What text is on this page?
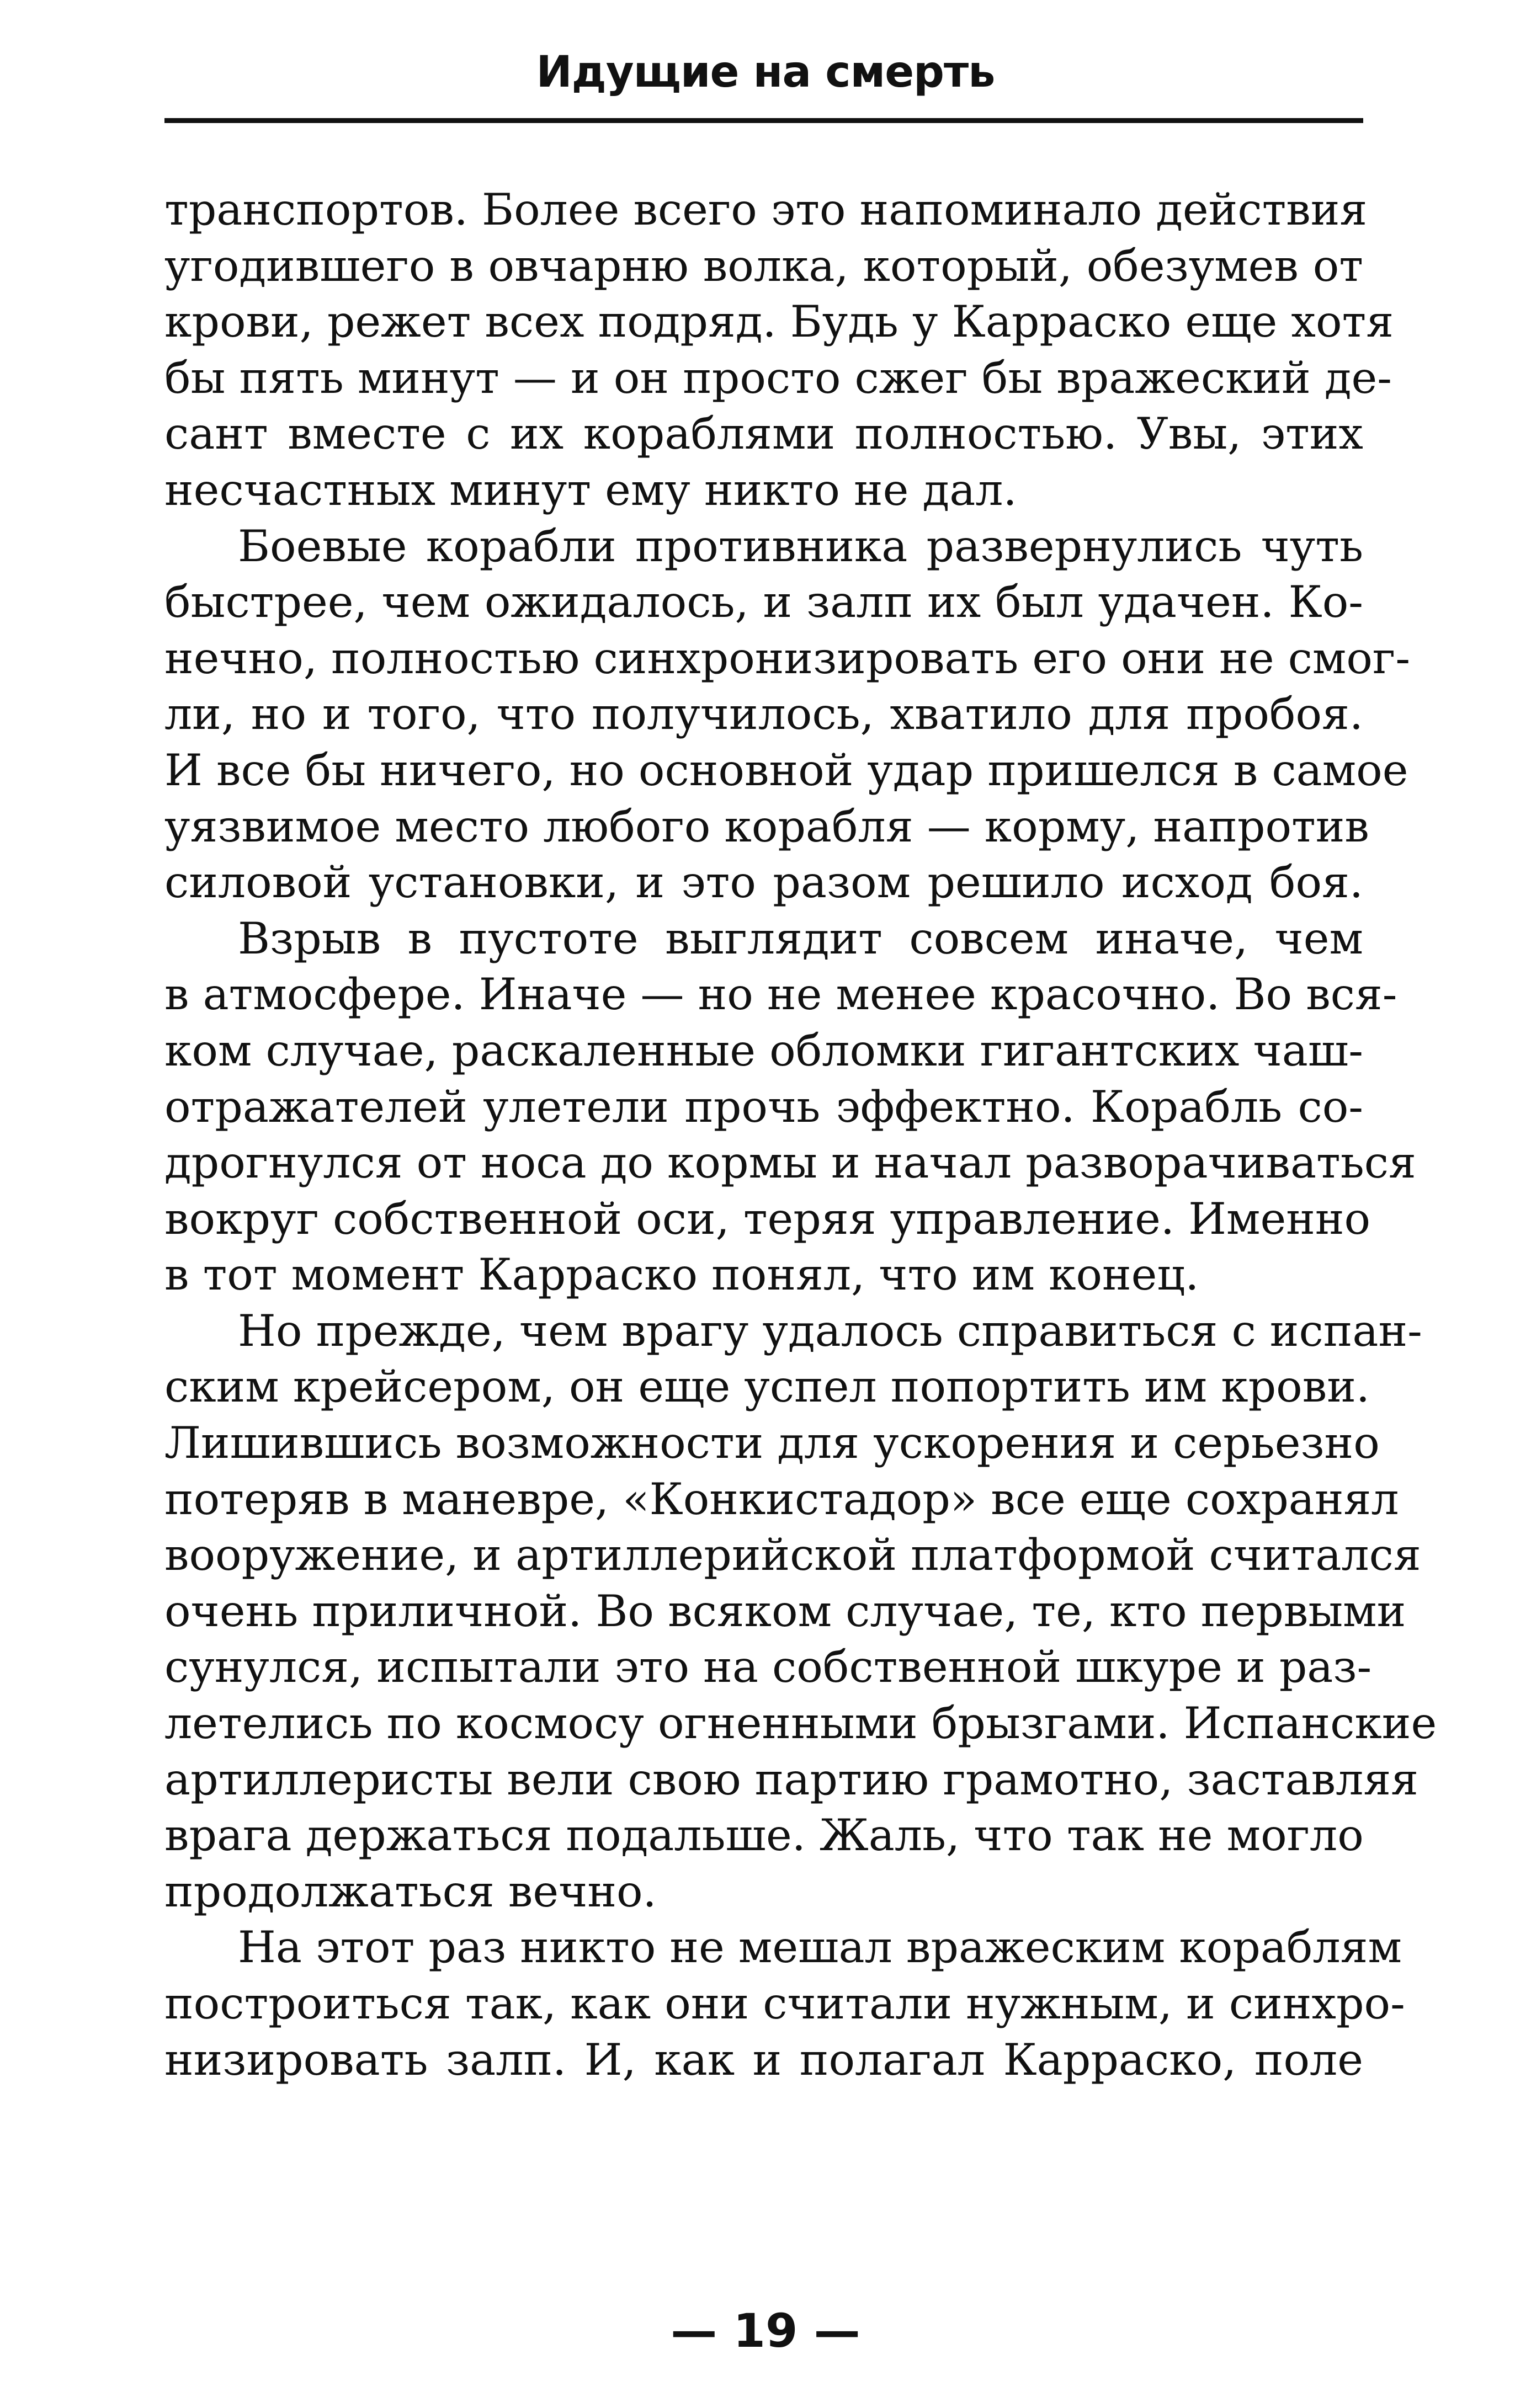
Идущие на смерть
транспортов. Более всего это напоминало действия
угодившего в овчарню волка, который, обезумев от
крови, режет всех подряд. Будь у Карраско еще хотя
бы пять минут — и он просто сжег бы вражеский де-
сант вместе с их кораблями полностью. Увы, этих
несчастных минут ему никто не дал.
Боевые корабли противника развернулись чуть
быстрее, чем ожидалось, и залп их был удачен. Ко-
нечно, полностью синхронизировать его они не смог-
ли, но и того, что получилось, хватило для пробоя.
И все бы ничего, но основной удар пришелся в самое
уязвимое место любого корабля — корму, напротив
силовой установки, и это разом решило исход боя.
Взрыв в пустоте выглядит совсем иначе, чем
в атмосфере. Иначе — но не менее красочно. Во вся-
ком случае, раскаленные обломки гигантских чаш-
отражателей улетели прочь эффектно. Корабль со-
дрогнулся от носа до кормы и начал разворачиваться
вокруг собственной оси, теряя управление. Именно
в тот момент Карраско понял, что им конец.
Но прежде, чем врагу удалось справиться с испан-
ским крейсером, он еще успел попортить им крови.
Лишившись возможности для ускорения и серьезно
потеряв в маневре, «Конкистадор» все еще сохранял
вооружение, и артиллерийской платформой считался
очень приличной. Во всяком случае, те, кто первыми
сунулся, испытали это на собственной шкуре и раз-
летелись по космосу огненными брызгами. Испанские
артиллеристы вели свою партию грамотно, заставляя
врага держаться подальше. Жаль, что так не могло
продолжаться вечно.
На этот раз никто не мешал вражеским кораблям
построиться так, как они считали нужным, и синхро-
низировать залп. И, как и полагал Карраско, поле
— 19 —
